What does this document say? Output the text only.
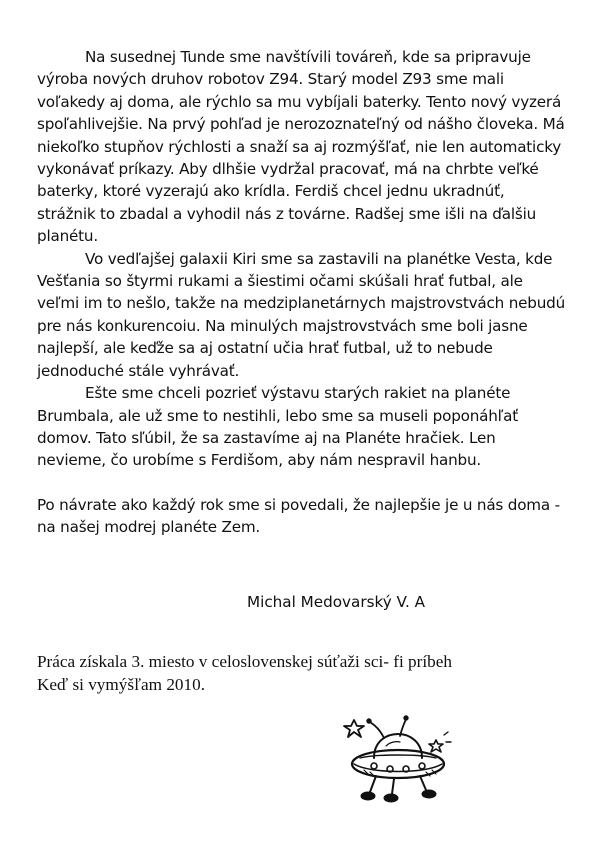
Na susednej Tunde sme navštívili továreň, kde sa pripravuje výroba nových druhov robotov Z94. Starý model Z93 sme mali voľakedy aj doma, ale rýchlo sa mu vybíjali baterky. Tento nový vyzerá spoľahlivejšie. Na prvý pohľad je nerozoznateľný od nášho človeka. Má niekoľko stupňov rýchlosti a snaží sa aj rozmýšľať, nie len automaticky vykonávať príkazy. Aby dlhšie vydržal pracovať, má na chrbte veľké baterky, ktoré vyzerajú ako krídla. Ferdiš chcel jednu ukradnúť, strážnik to zbadal a vyhodil nás z továrne. Radšej sme išli na ďalšiu planétu.

Vo vedľajšej galaxii Kiri sme sa zastavili na planétke Vesta, kde Vešťania so štyrmi rukami a šiestimi očami skúšali hrať futbal, ale veľmi im to nešlo, takže na medziplanetárnych majstrovstvách nebudú pre nás konkurencoiu. Na minulých majstrovstvách sme boli jasne najlepší, ale keďže sa aj ostatní učia hrať futbal, už to nebude jednoduché stále vyhrávať.

Ešte sme chceli pozrieť výstavu starých rakiet na planéte Brumbala, ale už sme to nestihli, lebo sme sa museli poponáhľať domov. Tato sľúbil, že sa zastavíme aj na Planéte hračiek. Len nevieme, čo urobíme s Ferdišom, aby nám nespravil hanbu.

Po návrate ako každý rok sme si povedali, že najlepšie je u nás doma - na našej modrej planéte Zem.

Michal Medovarský V. A
Práca získala 3. miesto v celoslovenskej súťaži sci- fi príbeh
Keď si vymýšľam 2010.
